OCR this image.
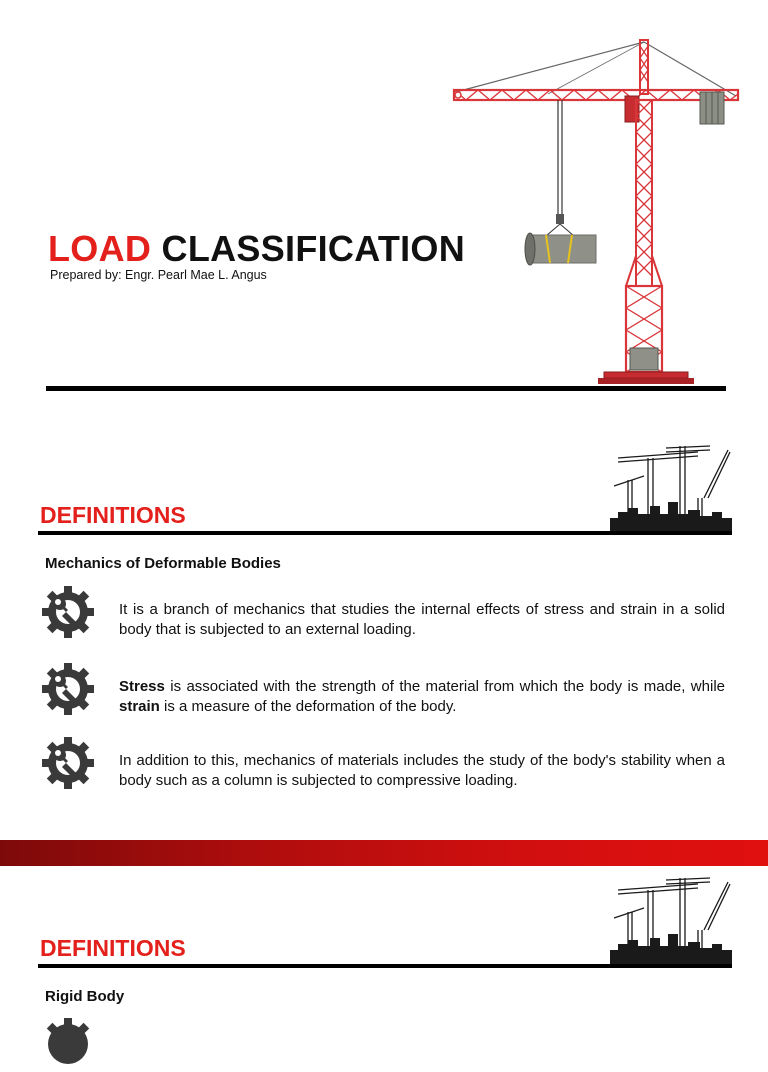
LOAD CLASSIFICATION
Prepared by: Engr. Pearl Mae L. Angus
DEFINITIONS
Mechanics of Deformable Bodies
It is a branch of mechanics that studies the internal effects of stress and strain in a solid body that is subjected to an external loading.
Stress is associated with the strength of the material from which the body is made, while strain is a measure of the deformation of the body.
In addition to this, mechanics of materials includes the study of the body's stability when a body such as a column is subjected to compressive loading.
DEFINITIONS
Rigid Body
